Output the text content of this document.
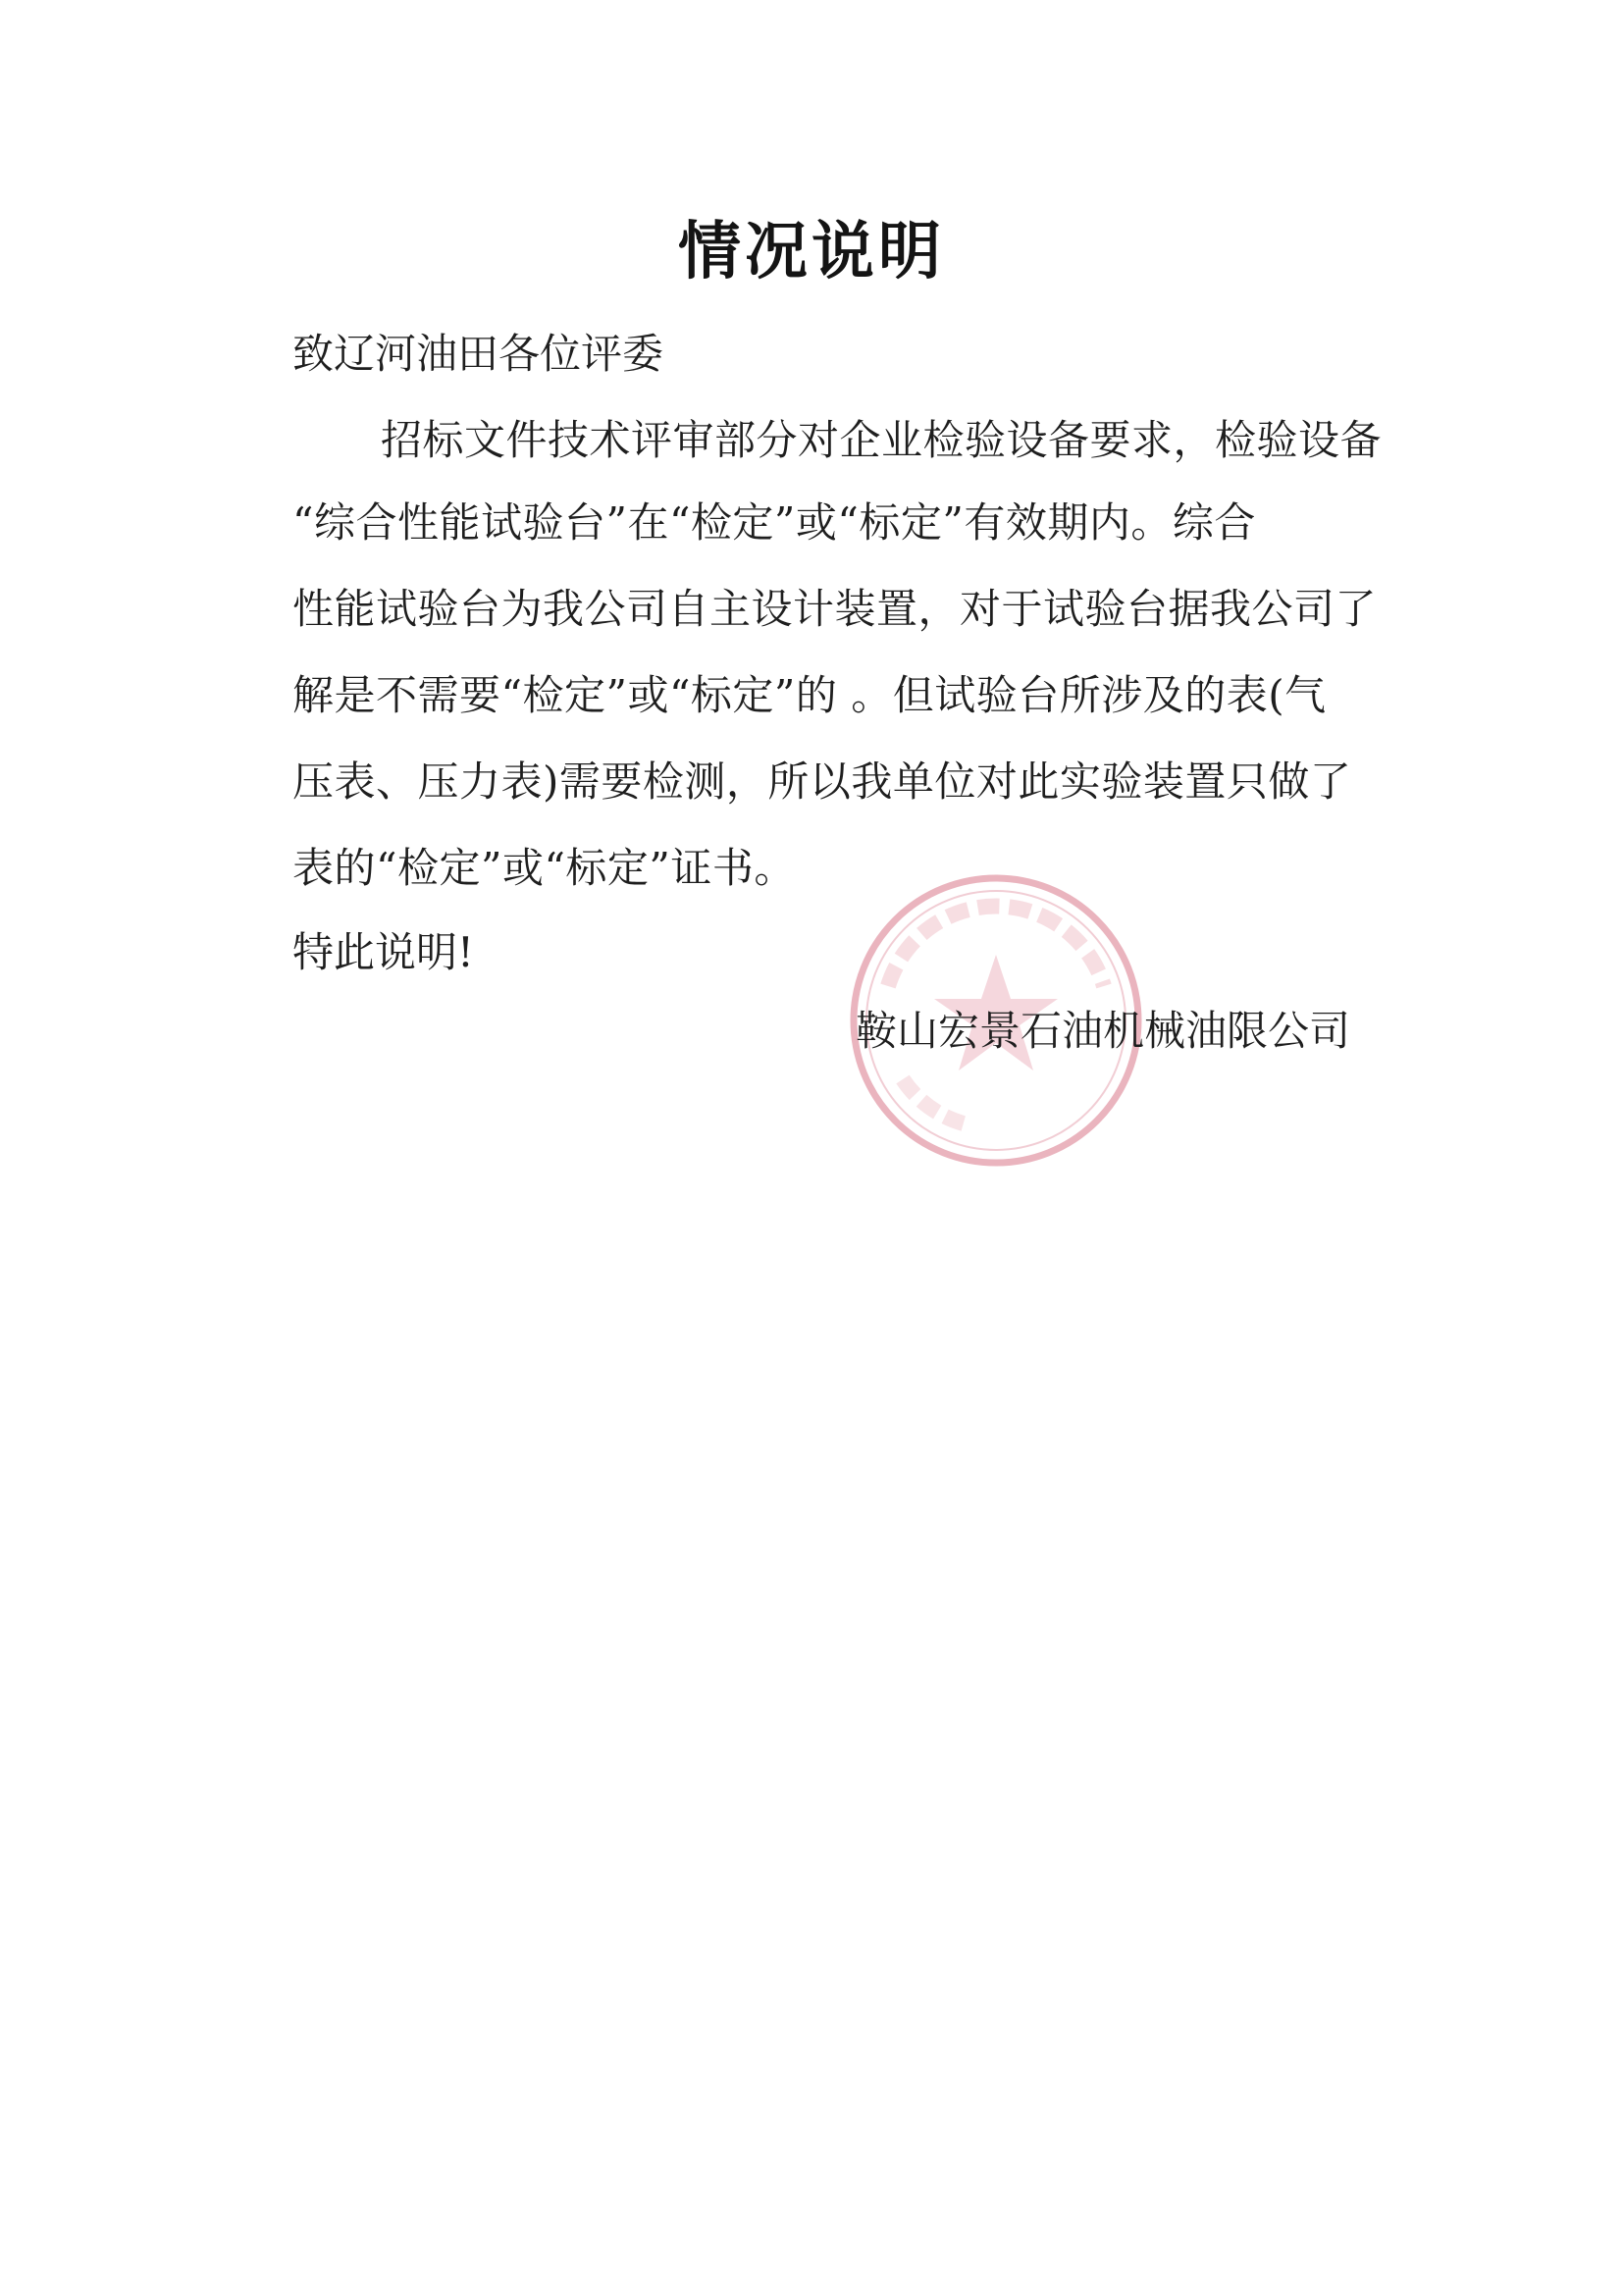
情况说明
致辽河油田各位评委
招标文件技术评审部分对企业检验设备要求，检验设备
“综合性能试验台”在“检定”或“标定”有效期内。综合
性能试验台为我公司自主设计装置，对于试验台据我公司了
解是不需要“检定”或“标定”的 。但试验台所涉及的表(气
压表、压力表)需要检测，所以我单位对此实验装置只做了
表的“检定”或“标定”证书。
特此说明!
鞍山宏景石油机械油限公司
